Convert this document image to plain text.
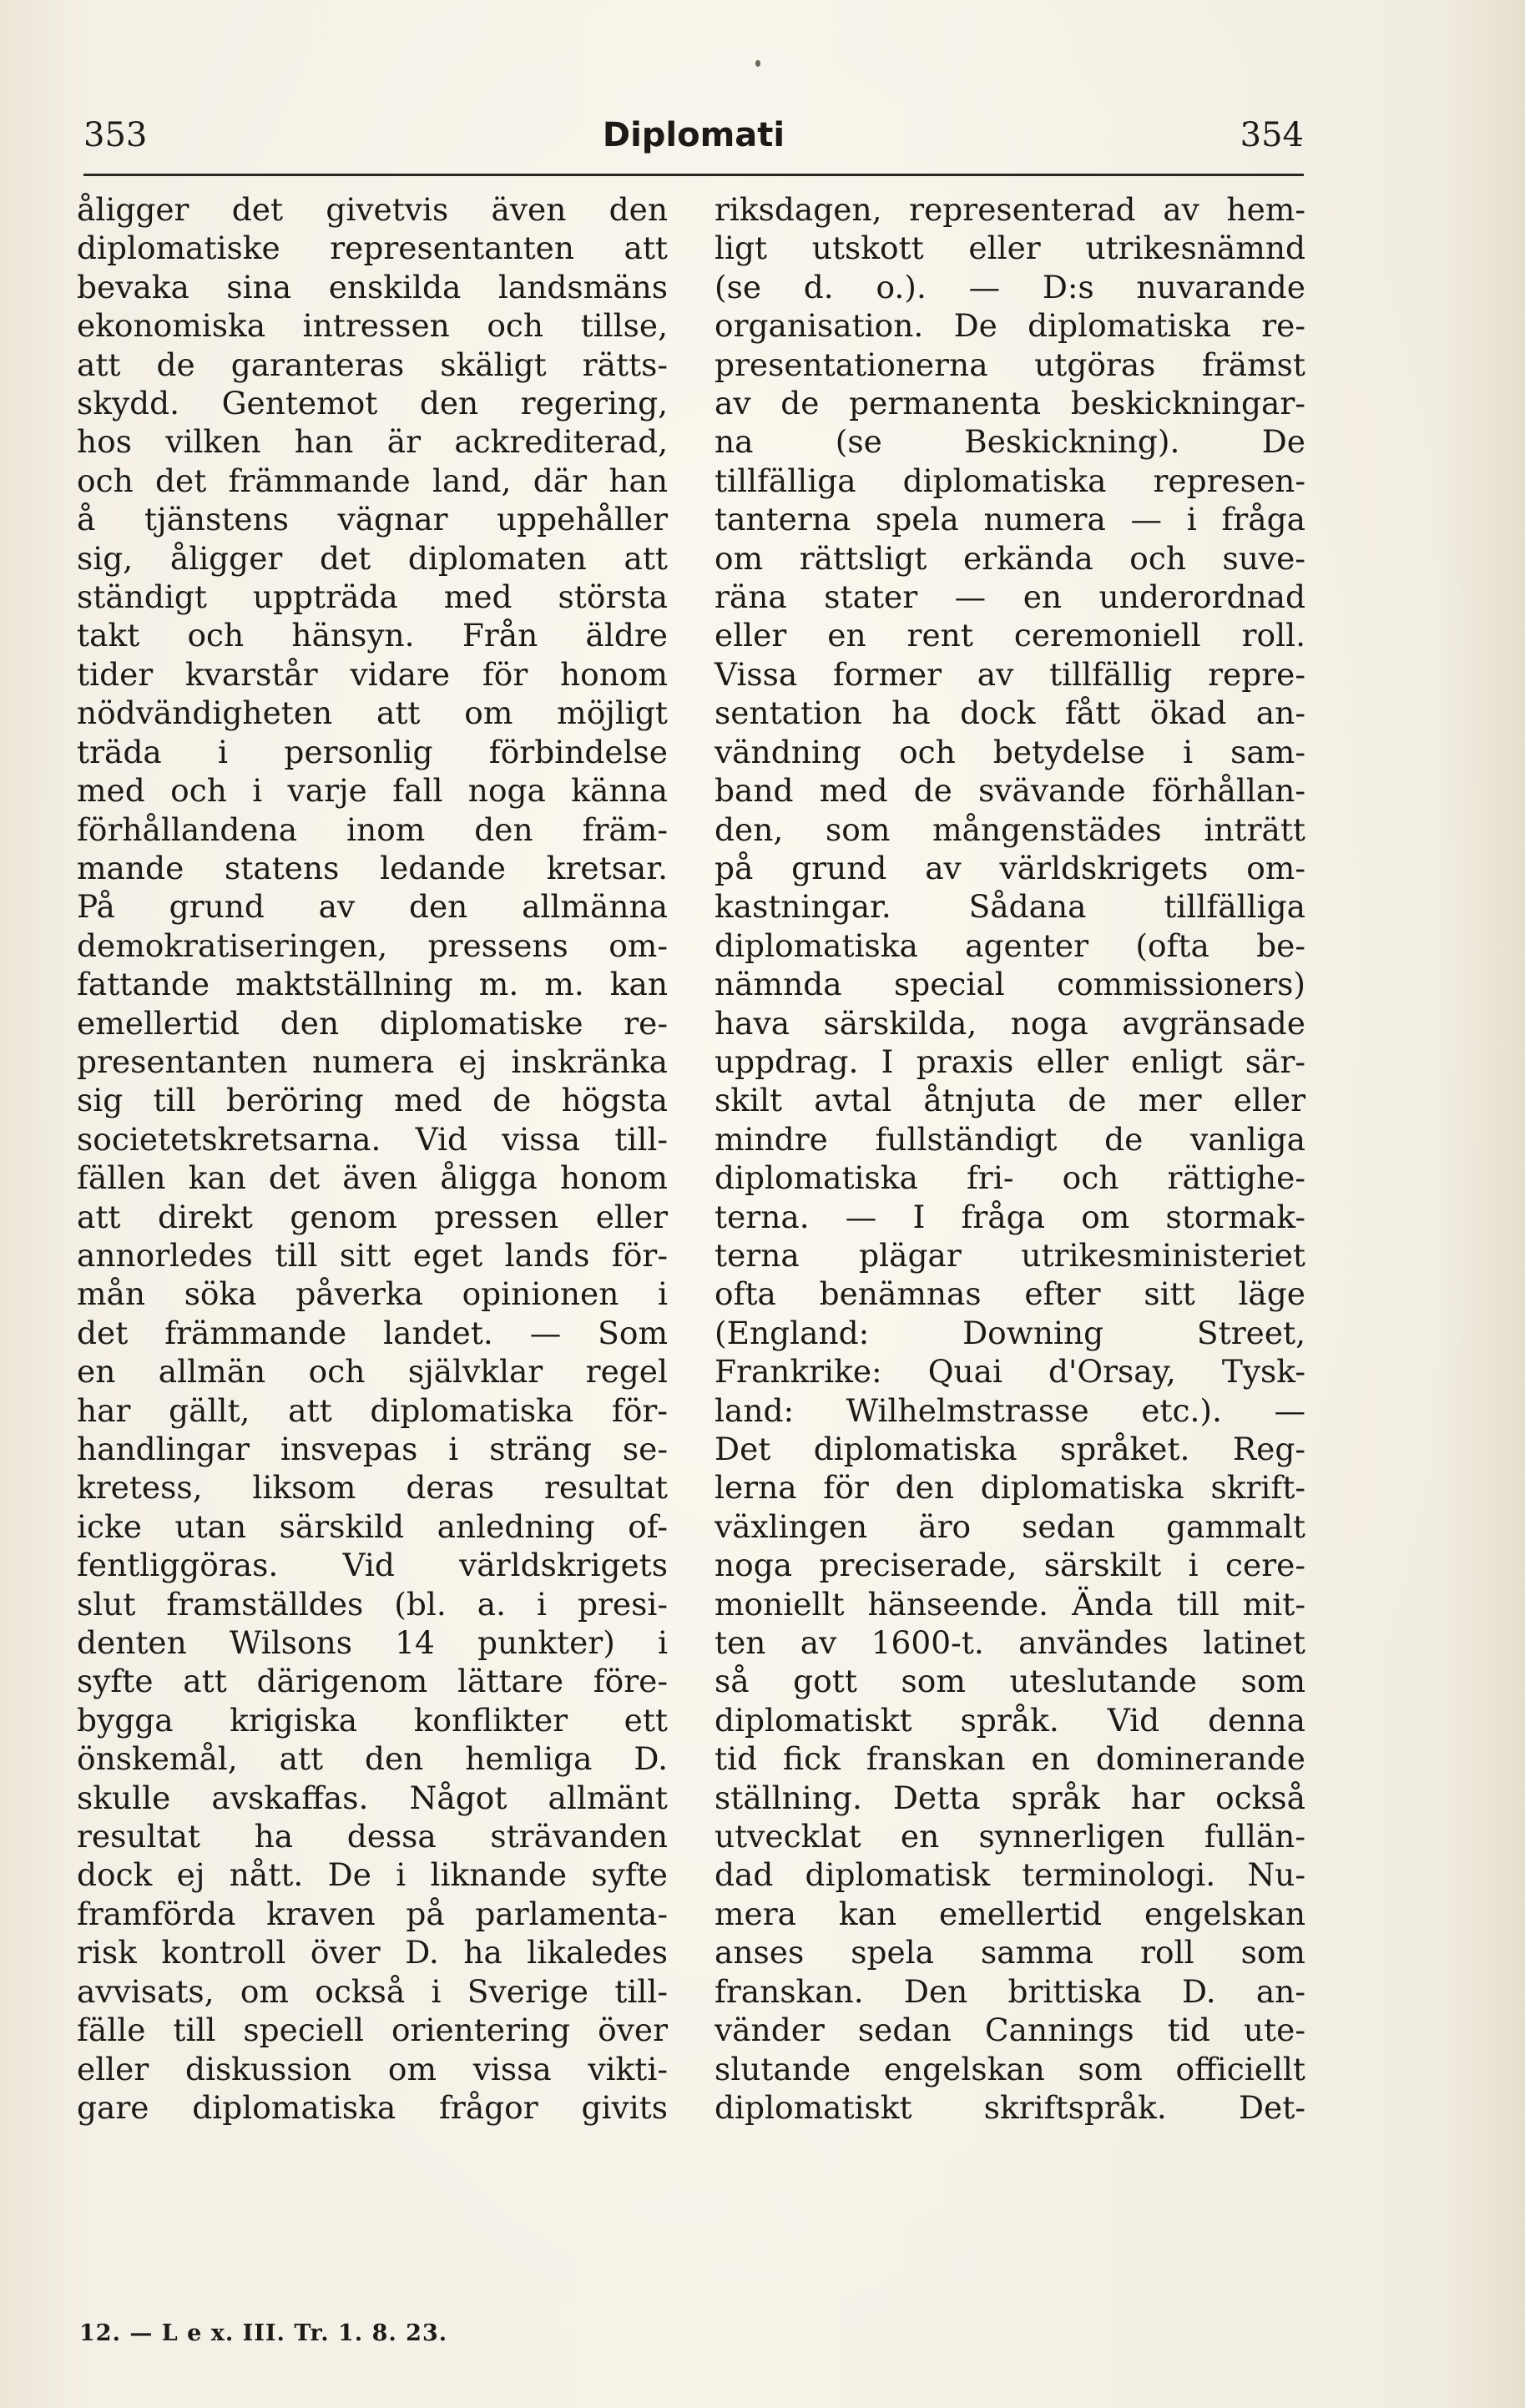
353	Diplomati	354
åligger det givetvis även den
diplomatiske representanten att
bevaka sina enskilda landsmäns
ekonomiska intressen och tillse,
att de garanteras skäligt rätts-
skydd. Gentemot den regering,
hos vilken han är ackrediterad,
och det främmande land, där han
å tjänstens vägnar uppehåller
sig, åligger det diplomaten att
ständigt uppträda med största
takt och hänsyn. Från äldre
tider kvarstår vidare för honom
nödvändigheten att om möjligt
träda i personlig förbindelse
med och i varje fall noga känna
förhållandena inom den främ-
mande statens ledande kretsar.
På grund av den allmänna
demokratiseringen, pressens om-
fattande maktställning m. m. kan
emellertid den diplomatiske re-
presentanten numera ej inskränka
sig till beröring med de högsta
societetskretsarna. Vid vissa till-
fällen kan det även åligga honom
att direkt genom pressen eller
annorledes till sitt eget lands för-
mån söka påverka opinionen i
det främmande landet. — Som
en allmän och självklar regel
har gällt, att diplomatiska för-
handlingar insvepas i sträng se-
kretess, liksom deras resultat
icke utan särskild anledning of-
fentliggöras. Vid världskrigets
slut framställdes (bl. a. i presi-
denten Wilsons 14 punkter) i
syfte att därigenom lättare före-
bygga krigiska konflikter ett
önskemål, att den hemliga D.
skulle avskaffas. Något allmänt
resultat ha dessa strävanden
dock ej nått. De i liknande syfte
framförda kraven på parlamenta-
risk kontroll över D. ha likaledes
avvisats, om också i Sverige till-
fälle till speciell orientering över
eller diskussion om vissa vikti-
gare diplomatiska frågor givits
riksdagen, representerad av hem-
ligt utskott eller utrikesnämnd
(se d. o.). — D:s nuvarande
organisation. De diplomatiska re-
presentationerna utgöras främst
av de permanenta beskickningar-
na (se Beskickning). De
tillfälliga diplomatiska represen-
tanterna spela numera — i fråga
om rättsligt erkända och suve-
räna stater — en underordnad
eller en rent ceremoniell roll.
Vissa former av tillfällig repre-
sentation ha dock fått ökad an-
vändning och betydelse i sam-
band med de svävande förhållan-
den, som mångenstädes inträtt
på grund av världskrigets om-
kastningar. Sådana tillfälliga
diplomatiska agenter (ofta be-
nämnda special commissioners)
hava särskilda, noga avgränsade
uppdrag. I praxis eller enligt sär-
skilt avtal åtnjuta de mer eller
mindre fullständigt de vanliga
diplomatiska fri- och rättighe-
terna. — I fråga om stormak-
terna plägar utrikesministeriet
ofta benämnas efter sitt läge
(England: Downing Street,
Frankrike: Quai d'Orsay, Tysk-
land: Wilhelmstrasse etc.). —
Det diplomatiska språket. Reg-
lerna för den diplomatiska skrift-
växlingen äro sedan gammalt
noga preciserade, särskilt i cere-
moniellt hänseende. Ända till mit-
ten av 1600-t. användes latinet
så gott som uteslutande som
diplomatiskt språk. Vid denna
tid fick franskan en dominerande
ställning. Detta språk har också
utvecklat en synnerligen fullän-
dad diplomatisk terminologi. Nu-
mera kan emellertid engelskan
anses spela samma roll som
franskan. Den brittiska D. an-
vänder sedan Cannings tid ute-
slutande engelskan som officiellt
diplomatiskt skriftspråk. Det-
12. — L e x. III. Tr. 1. 8. 23.
